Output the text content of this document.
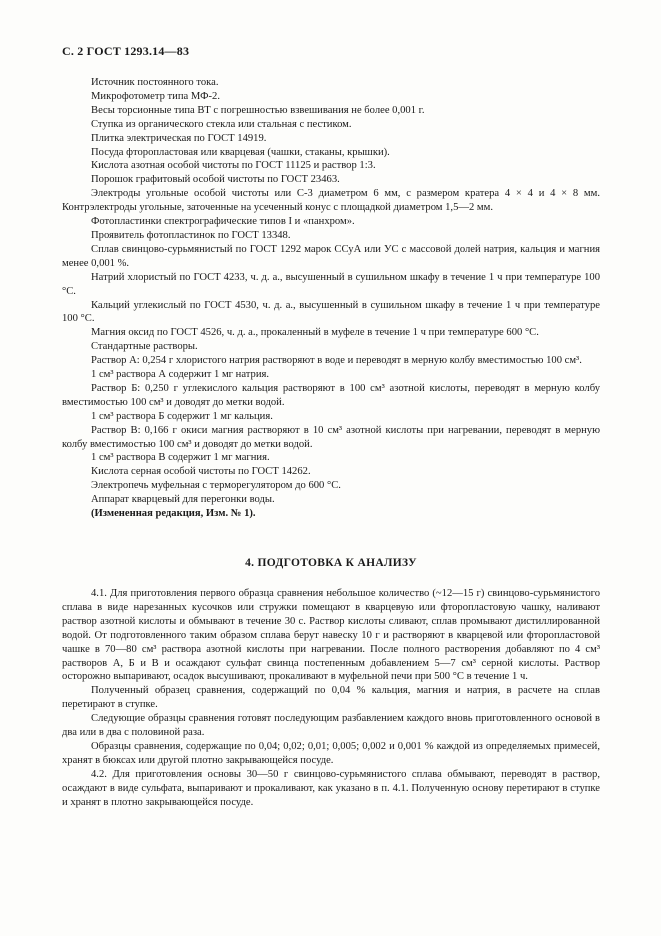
С. 2 ГОСТ 1293.14—83

Источник постоянного тока.

Микрофотометр типа МФ-2.

Весы торсионные типа ВТ с погрешностью взвешивания не более 0,001 г.

Ступка из органического стекла или стальная с пестиком.

Плитка электрическая по ГОСТ 14919.

Посуда фторопластовая или кварцевая (чашки, стаканы, крышки).

Кислота азотная особой чистоты по ГОСТ 11125 и раствор 1:3.

Порошок графитовый особой чистоты по ГОСТ 23463.

Электроды угольные особой чистоты или С-3 диаметром 6 мм, с размером кратера 4 × 4 и 4 × 8 мм. Контрэлектроды угольные, заточенные на усеченный конус с площадкой диаметром 1,5—2 мм.

Фотопластинки спектрографические типов I и «панхром».

Проявитель фотопластинок по ГОСТ 13348.

Сплав свинцово-сурьмянистый по ГОСТ 1292 марок ССуА или УС с массовой долей натрия, кальция и магния менее 0,001 %.

Натрий хлористый по ГОСТ 4233, ч. д. а., высушенный в сушильном шкафу в течение 1 ч при температуре 100 °С.

Кальций углекислый по ГОСТ 4530, ч. д. а., высушенный в сушильном шкафу в течение 1 ч при температуре 100 °С.

Магния оксид по ГОСТ 4526, ч. д. а., прокаленный в муфеле в течение 1 ч при температуре 600 °С.

Стандартные растворы.

Раствор А: 0,254 г хлористого натрия растворяют в воде и переводят в мерную колбу вместимостью 100 см³.

1 см³ раствора А содержит 1 мг натрия.

Раствор Б: 0,250 г углекислого кальция растворяют в 100 см³ азотной кислоты, переводят в мерную колбу вместимостью 100 см³ и доводят до метки водой.

1 см³ раствора Б содержит 1 мг кальция.

Раствор В: 0,166 г окиси магния растворяют в 10 см³ азотной кислоты при нагревании, переводят в мерную колбу вместимостью 100 см³ и доводят до метки водой.

1 см³ раствора В содержит 1 мг магния.

Кислота серная особой чистоты по ГОСТ 14262.

Электропечь муфельная с терморегулятором до 600 °С.

Аппарат кварцевый для перегонки воды.

(Измененная редакция, Изм. № 1).

4. ПОДГОТОВКА К АНАЛИЗУ

4.1. Для приготовления первого образца сравнения небольшое количество (~12—15 г) свинцово-сурьмянистого сплава в виде нарезанных кусочков или стружки помещают в кварцевую или фторопластовую чашку, наливают раствор азотной кислоты и обмывают в течение 30 с. Раствор кислоты сливают, сплав промывают дистиллированной водой. От подготовленного таким образом сплава берут навеску 10 г и растворяют в кварцевой или фторопластовой чашке в 70—80 см³ раствора азотной кислоты при нагревании. После полного растворения добавляют по 4 см³ растворов А, Б и В и осаждают сульфат свинца постепенным добавлением 5—7 см³ серной кислоты. Раствор осторожно выпаривают, осадок высушивают, прокаливают в муфельной печи при 500 °С в течение 1 ч.

Полученный образец сравнения, содержащий по 0,04 % кальция, магния и натрия, в расчете на сплав перетирают в ступке.

Следующие образцы сравнения готовят последующим разбавлением каждого вновь приготовленного основой в два или в два с половиной раза.

Образцы сравнения, содержащие по 0,04; 0,02; 0,01; 0,005; 0,002 и 0,001 % каждой из определяемых примесей, хранят в бюксах или другой плотно закрывающейся посуде.

4.2. Для приготовления основы 30—50 г свинцово-сурьмянистого сплава обмывают, переводят в раствор, осаждают в виде сульфата, выпаривают и прокаливают, как указано в п. 4.1. Полученную основу перетирают в ступке и хранят в плотно закрывающейся посуде.
